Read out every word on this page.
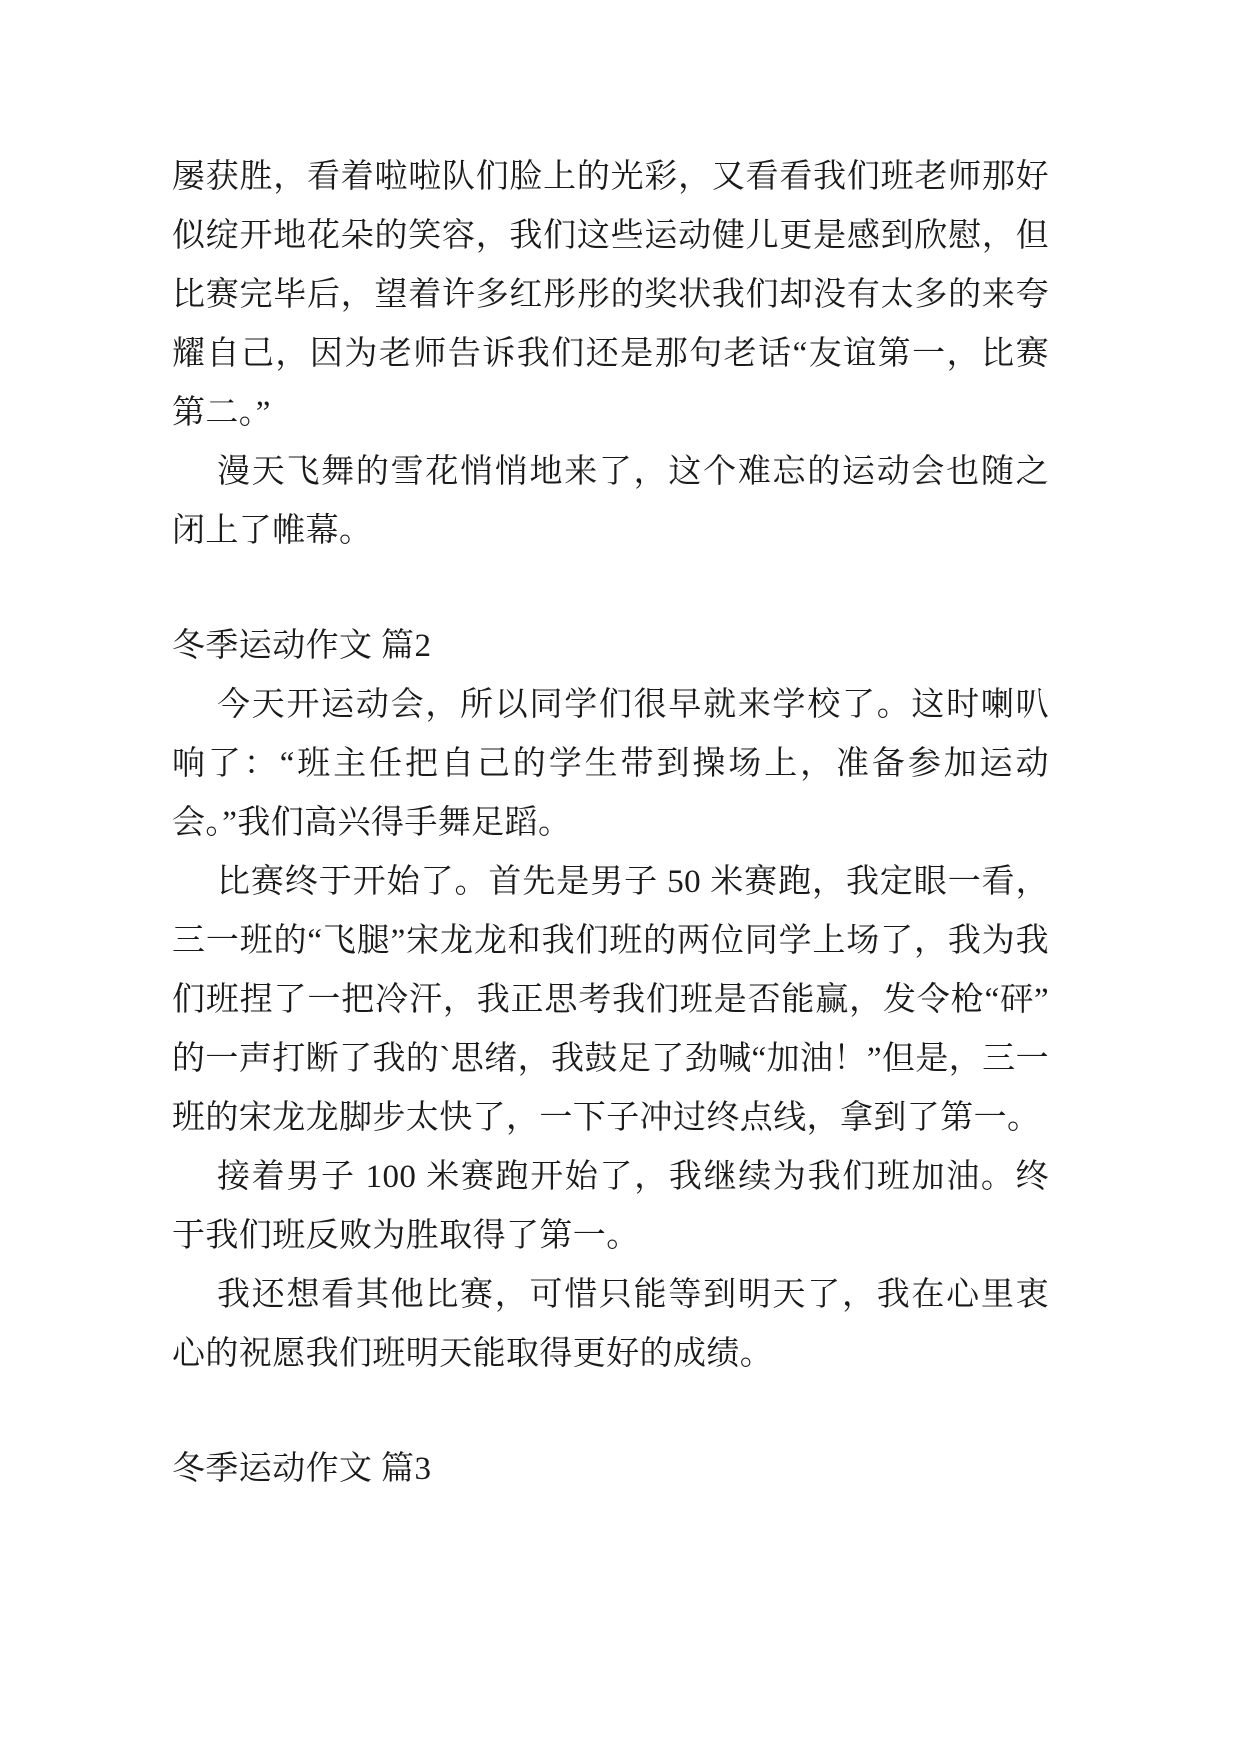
屡获胜，看着啦啦队们脸上的光彩，又看看我们班老师那好似绽开地花朵的笑容，我们这些运动健儿更是感到欣慰，但比赛完毕后，望着许多红彤彤的奖状我们却没有太多的来夸耀自己，因为老师告诉我们还是那句老话“友谊第一，比赛第二。”

漫天飞舞的雪花悄悄地来了，这个难忘的运动会也随之闭上了帷幕。

冬季运动作文 篇2

今天开运动会，所以同学们很早就来学校了。这时喇叭响了：“班主任把自己的学生带到操场上，准备参加运动会。”我们高兴得手舞足蹈。

比赛终于开始了。首先是男子 50 米赛跑，我定眼一看，三一班的“飞腿”宋龙龙和我们班的两位同学上场了，我为我们班捏了一把冷汗，我正思考我们班是否能赢，发令枪“砰”的一声打断了我的`思绪，我鼓足了劲喊“加油！”但是，三一班的宋龙龙脚步太快了，一下子冲过终点线，拿到了第一。

接着男子 100 米赛跑开始了，我继续为我们班加油。终于我们班反败为胜取得了第一。

我还想看其他比赛，可惜只能等到明天了，我在心里衷心的祝愿我们班明天能取得更好的成绩。

冬季运动作文 篇3
